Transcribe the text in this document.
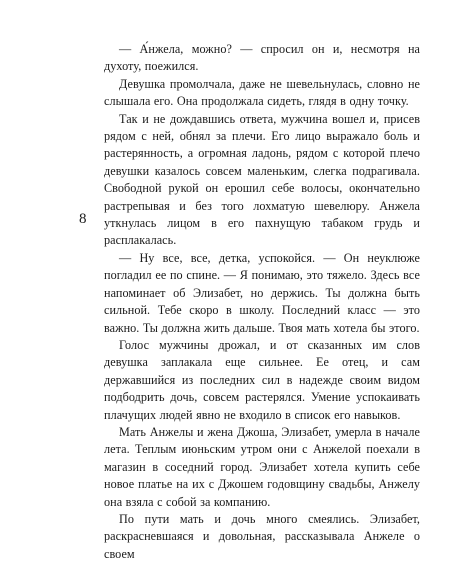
8

— А́нжела, можно? — спросил он и, несмотря на духоту, поежился.

Девушка промолчала, даже не шевельнулась, словно не слышала его. Она продолжала сидеть, глядя в одну точку.

Так и не дождавшись ответа, мужчина вошел и, присев рядом с ней, обнял за плечи. Его лицо выражало боль и растерянность, а огромная ладонь, рядом с которой плечо девушки казалось совсем маленьким, слегка подрагивала. Свободной рукой он ерошил себе волосы, окончательно растрепывая и без того лохматую шевелюру. Анжела уткнулась лицом в его пахнущую табаком грудь и расплакалась.

— Ну все, все, детка, успокойся. — Он неуклюже погладил ее по спине. — Я понимаю, это тяжело. Здесь все напоминает об Элизабет, но держись. Ты должна быть сильной. Тебе скоро в школу. Последний класс — это важно. Ты должна жить дальше. Твоя мать хотела бы этого.

Голос мужчины дрожал, и от сказанных им слов девушка заплакала еще сильнее. Ее отец, и сам державшийся из последних сил в надежде своим видом подбодрить дочь, совсем растерялся. Умение успокаивать плачущих людей явно не входило в список его навыков.

Мать Анжелы и жена Джоша, Элизабет, умерла в начале лета. Теплым июньским утром они с Анжелой поехали в магазин в соседний город. Элизабет хотела купить себе новое платье на их с Джошем годовщину свадьбы, Анжелу она взяла с собой за компанию.

По пути мать и дочь много смеялись. Элизабет, раскрасневшаяся и довольная, рассказывала Анжеле о своем
